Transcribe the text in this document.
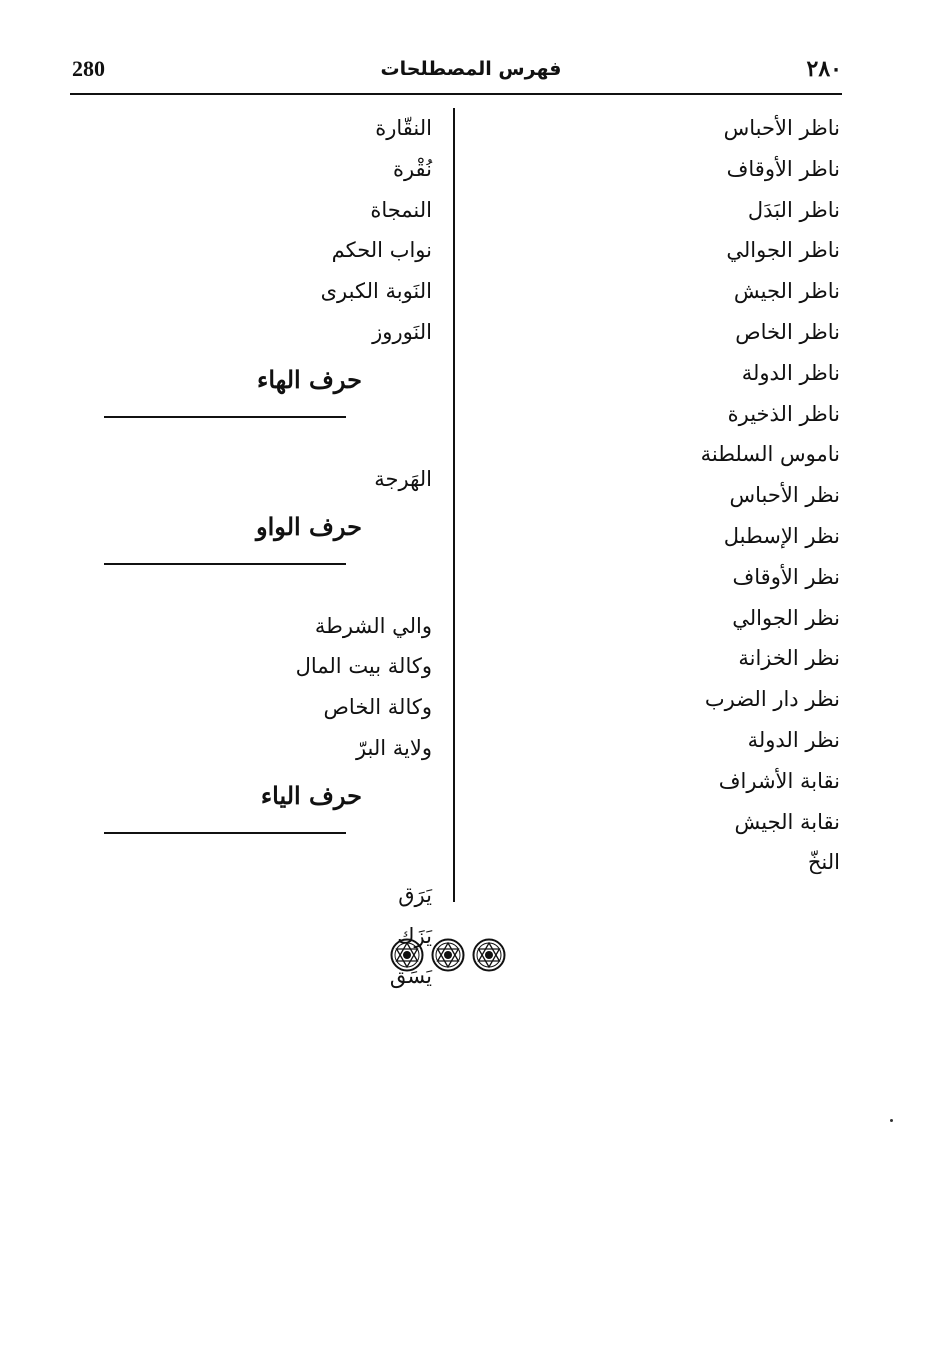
280	فهرس المصطلحات	٢٨٠
ناظر الأحباس
ناظر الأوقاف
ناظر البَدَل
ناظر الجوالي
ناظر الجيش
ناظر الخاص
ناظر الدولة
ناظر الذخيرة
ناموس السلطنة
نظر الأحباس
نظر الإسطبل
نظر الأوقاف
نظر الجوالي
نظر الخزانة
نظر دار الضرب
نظر الدولة
نقابة الأشراف
نقابة الجيش
النخّ
النقّارة
نُقْرة
النمجاة
نواب الحكم
النَوبة الكبرى
النَوروز
حرف الهاء
الهَرجة
حرف الواو
والي الشرطة
وكالة بيت المال
وكالة الخاص
ولاية البرّ
حرف الياء
يَرَق
يَزَك
يَسَق
